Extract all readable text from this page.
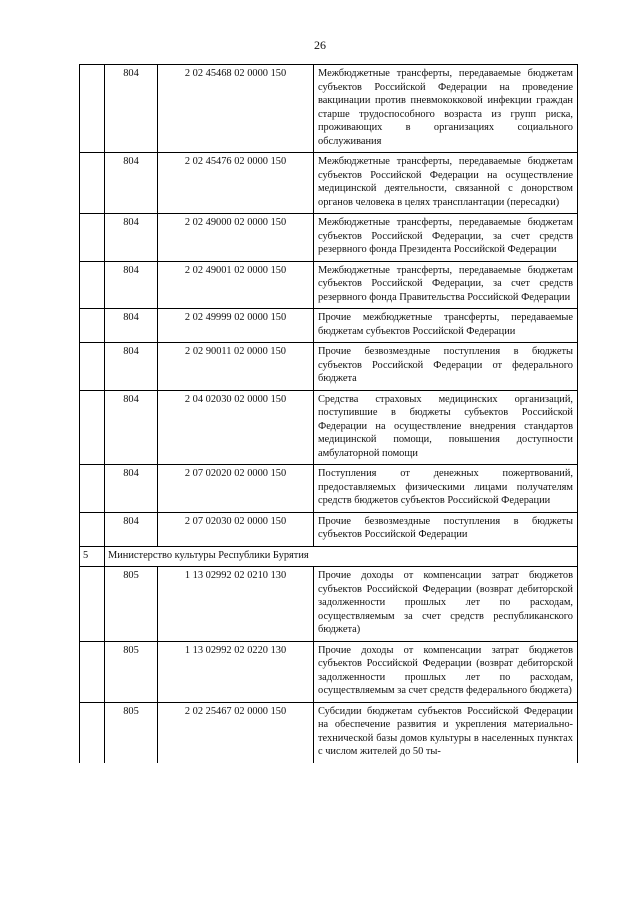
26
	804	2 02 45468 02 0000 150	Межбюджетные трансферты, передаваемые бюджетам субъектов Российской Федерации на проведение вакцинации против пневмококковой инфекции граждан старше трудоспособного возраста из групп риска, проживающих в организациях социального обслуживания
	804	2 02 45476 02 0000 150	Межбюджетные трансферты, передаваемые бюджетам субъектов Российской Федерации на осуществление медицинской деятельности, связанной с донорством органов человека в целях трансплантации (пересадки)
	804	2 02 49000 02 0000 150	Межбюджетные трансферты, передаваемые бюджетам субъектов Российской Федерации, за счет средств резервного фонда Президента Российской Федерации
	804	2 02 49001 02 0000 150	Межбюджетные трансферты, передаваемые бюджетам субъектов Российской Федерации, за счет средств резервного фонда Правительства Российской Федерации
	804	2 02 49999 02 0000 150	Прочие межбюджетные трансферты, передаваемые бюджетам субъектов Российской Федерации
	804	2 02 90011 02 0000 150	Прочие безвозмездные поступления в бюджеты субъектов Российской Федерации от федерального бюджета
	804	2 04 02030 02 0000 150	Средства страховых медицинских организаций, поступившие в бюджеты субъектов Российской Федерации на осуществление внедрения стандартов медицинской помощи, повышения доступности амбулаторной помощи
	804	2 07 02020 02 0000 150	Поступления от денежных пожертвований, предоставляемых физическими лицами получателям средств бюджетов субъектов Российской Федерации
	804	2 07 02030 02 0000 150	Прочие безвозмездные поступления в бюджеты субъектов Российской Федерации
5	Министерство культуры Республики Бурятия		
	805	1 13 02992 02 0210 130	Прочие доходы от компенсации затрат бюджетов субъектов Российской Федерации (возврат дебиторской задолженности прошлых лет по расходам, осуществляемым за счет средств республиканского бюджета)
	805	1 13 02992 02 0220 130	Прочие доходы от компенсации затрат бюджетов субъектов Российской Федерации (возврат дебиторской задолженности прошлых лет по расходам, осуществляемым за счет средств федерального бюджета)
	805	2 02 25467 02 0000 150	Субсидии бюджетам субъектов Российской Федерации на обеспечение развития и укрепления материально-технической базы домов культуры в населенных пунктах с числом жителей до 50 ты-
